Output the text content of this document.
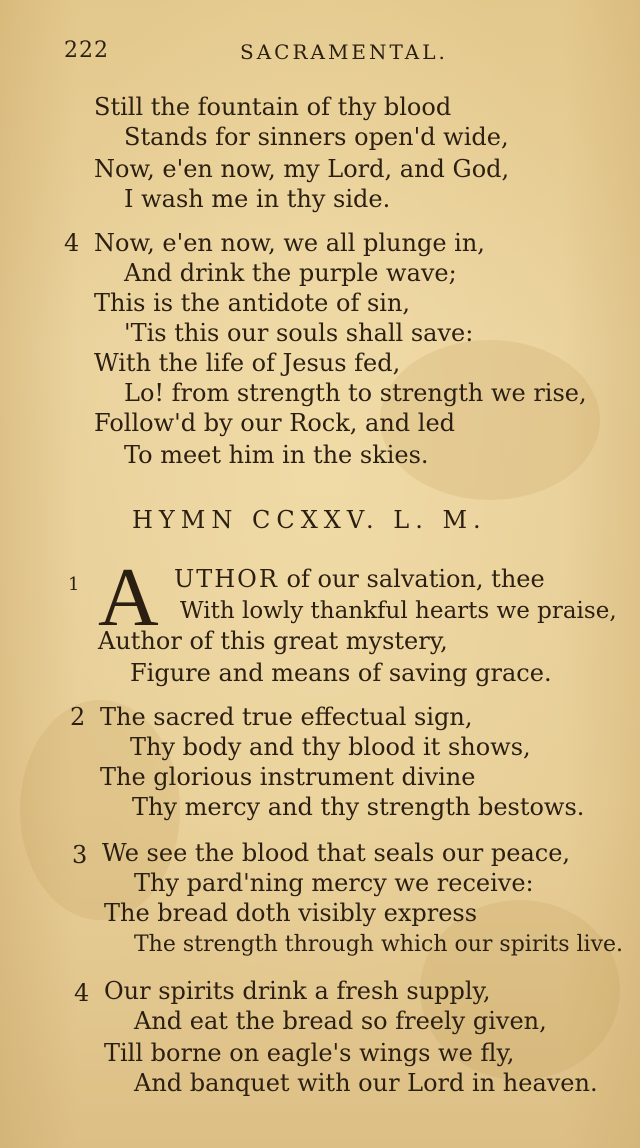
222	SACRAMENTAL.
Still the fountain of thy blood
Stands for sinners open'd wide,
Now, e'en now, my Lord, and God,
I wash me in thy side.
4 Now, e'en now, we all plunge in,
And drink the purple wave;
This is the antidote of sin,
'Tis this our souls shall save:
With the life of Jesus fed,
Lo! from strength to strength we rise,
Follow'd by our Rock, and led
To meet him in the skies.
HYMN CCXXV. L. M.
1 A UTHOR of our salvation, thee
With lowly thankful hearts we praise,
Author of this great mystery,
Figure and means of saving grace.
2 The sacred true effectual sign,
Thy body and thy blood it shows,
The glorious instrument divine
Thy mercy and thy strength bestows.
3 We see the blood that seals our peace,
Thy pard'ning mercy we receive:
The bread doth visibly express
The strength through which our spirits live.
4 Our spirits drink a fresh supply,
And eat the bread so freely given,
Till borne on eagle's wings we fly,
And banquet with our Lord in heaven.
